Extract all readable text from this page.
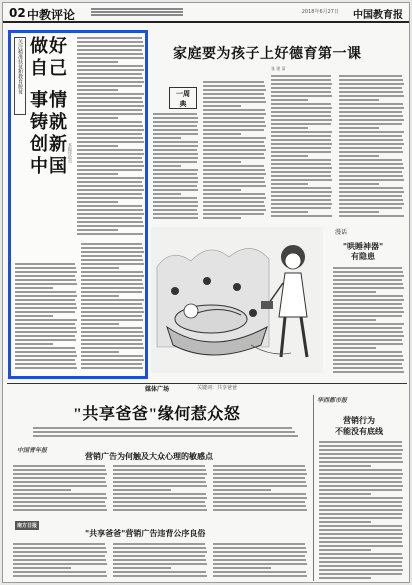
02 中教评论	2018年6月27日 中国教育报
关注精准扶贫和教育脱贫 做好
自己
事情
铸就
创新
中国
本报评论员
家庭要为孩子上好德育第一课
张 建 清
一周
典
漫话
"哄睡神器"
有隐患
媒体广场	关键词：共享爸爸
"共享爸爸"缘何惹众怒
中国青年报
营销广告为何触及大众心理的敏感点
南方日报
"共享爸爸"营销广告违背公序良俗
华西都市报
营销行为
不能没有底线
